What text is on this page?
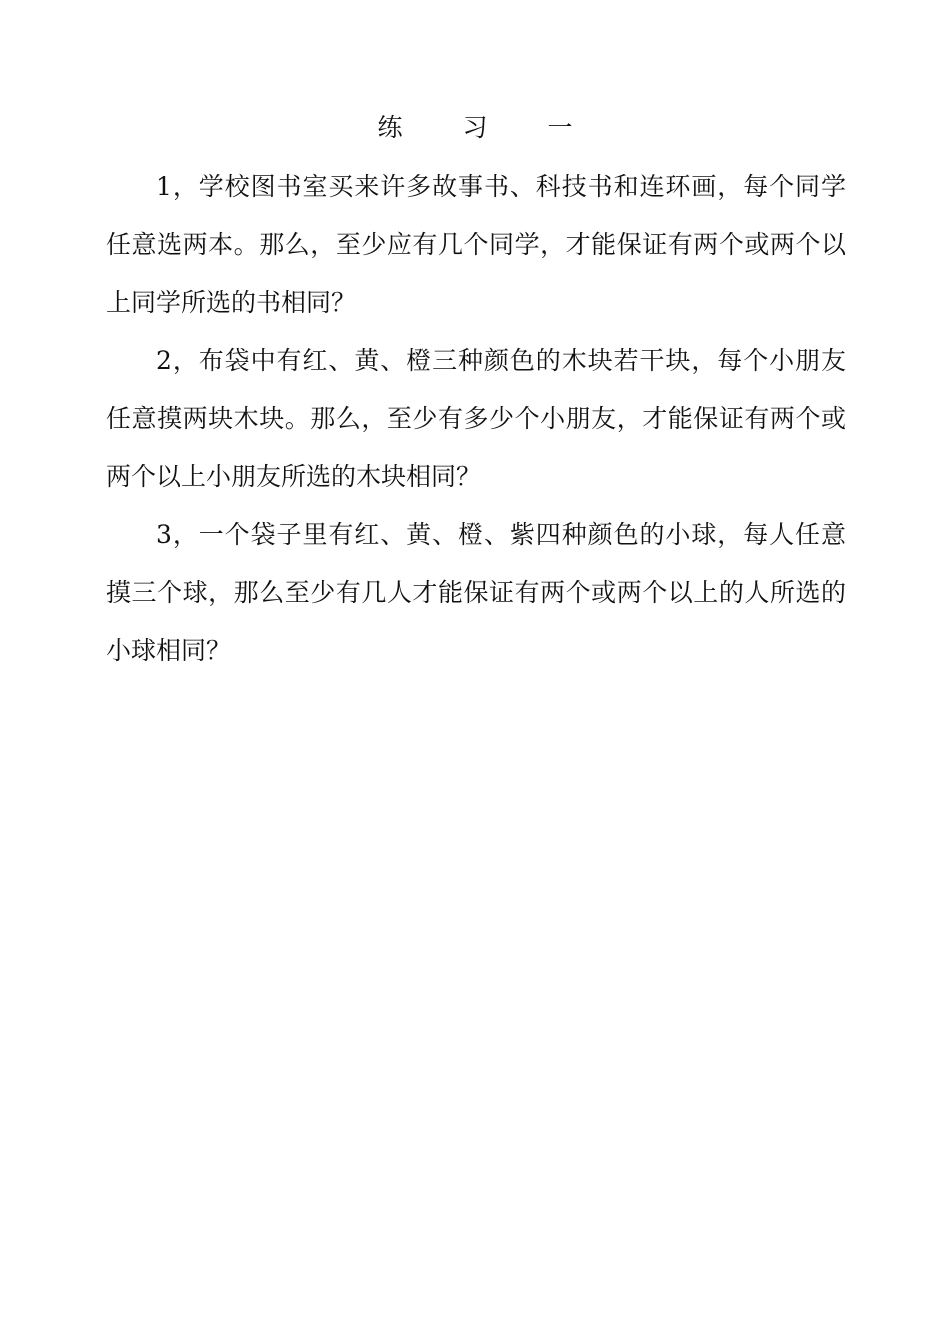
练 习 一

1，学校图书室买来许多故事书、科技书和连环画，每个同学任意选两本。那么，至少应有几个同学，才能保证有两个或两个以上同学所选的书相同？

2，布袋中有红、黄、橙三种颜色的木块若干块，每个小朋友任意摸两块木块。那么，至少有多少个小朋友，才能保证有两个或两个以上小朋友所选的木块相同？

3，一个袋子里有红、黄、橙、紫四种颜色的小球，每人任意摸三个球，那么至少有几人才能保证有两个或两个以上的人所选的小球相同？
